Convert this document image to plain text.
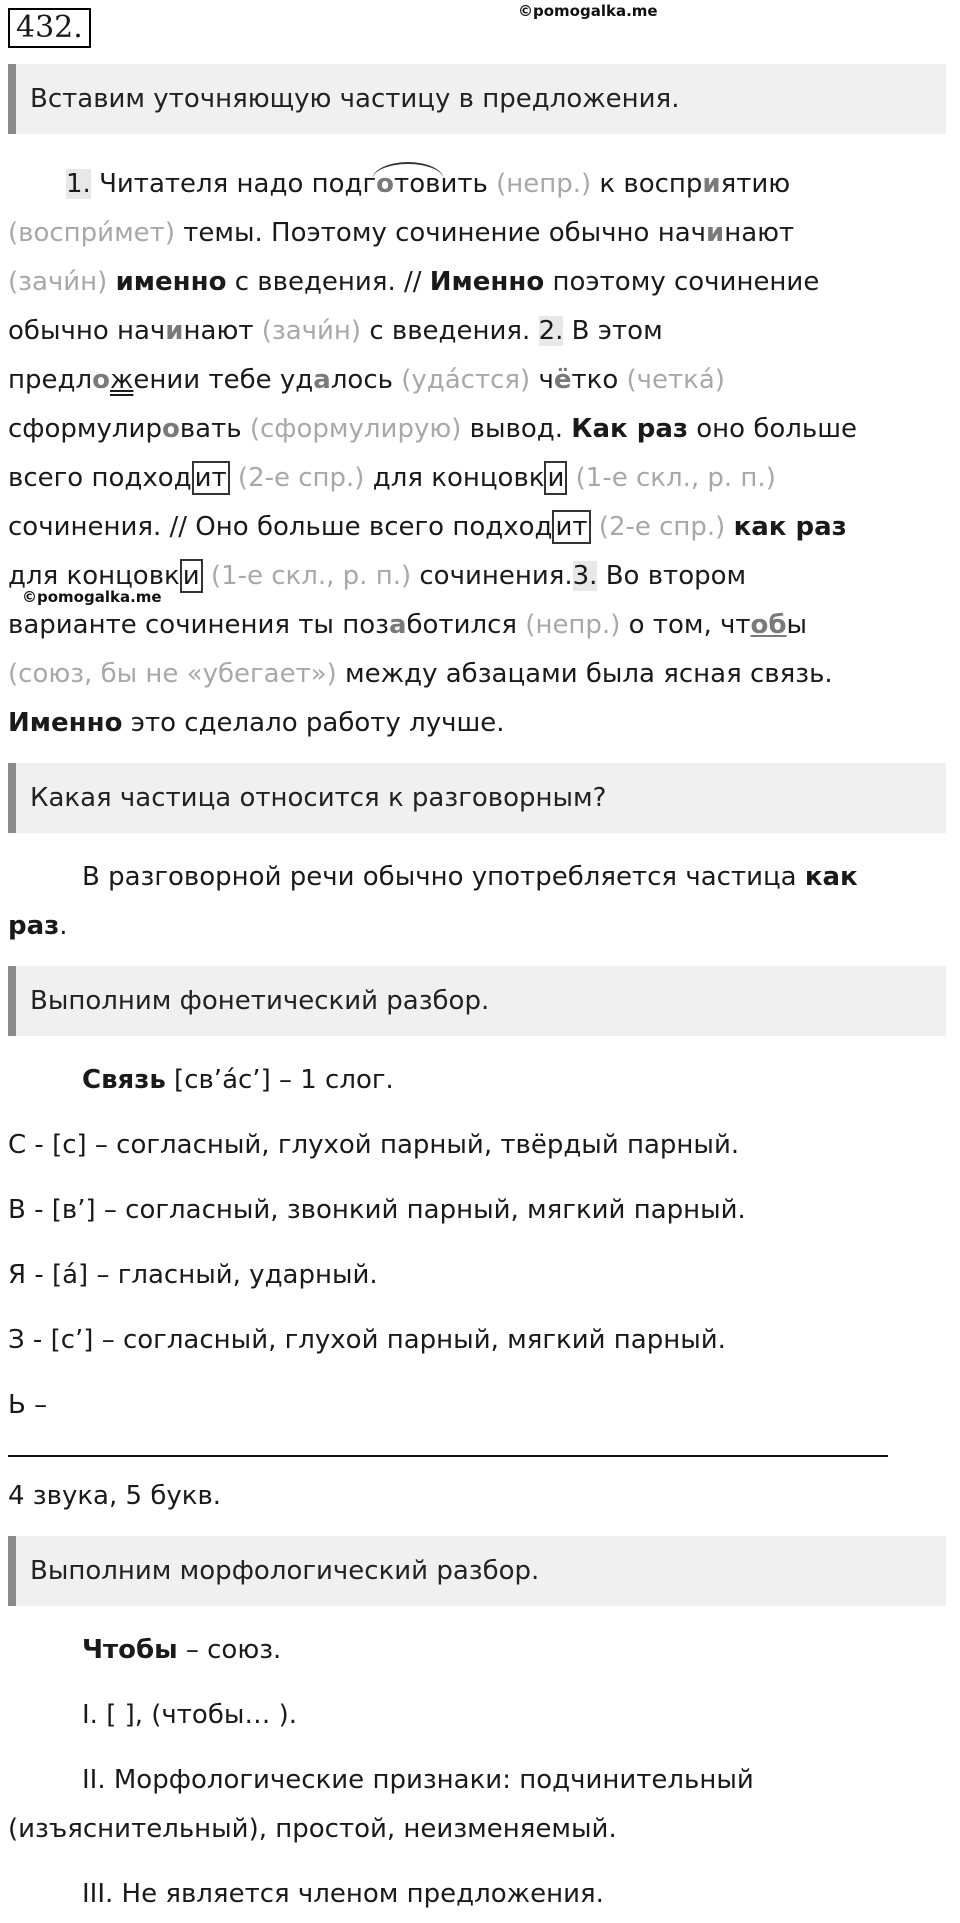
432.	©pomogalka.me
Вставим уточняющую частицу в предложения.
1. Читателя надо подготовить (непр.) к восприятию
(воспри́мет) темы. Поэтому сочинение обычно начинают
(зачи́н) именно с введения. // Именно поэтому сочинение
обычно начинают (зачи́н) с введения. 2. В этом
предложении тебе удалось (уда́стся) чётко (четка́)
сформулировать (сформулирую) вывод. Как раз оно больше
всего подход ит (2-е спр.) для концовк и (1-е скл., р. п.)
сочинения. // Оно больше всего подход ит (2-е спр.) как раз
для концовк и (1-е скл., р. п.) сочинения.3. Во втором
©pomogalka.me
варианте сочинения ты позаботился (непр.) о том, чтобы
(союз, бы не «убегает») между абзацами была ясная связь.
Именно это сделало работу лучше.
Какая частица относится к разговорным?
В разговорной речи обычно употребляется частица как
раз.
Выполним фонетический разбор.
Связь [св’а́с’] – 1 слог.
С - [с] – согласный, глухой парный, твёрдый парный.
В - [в’] – согласный, звонкий парный, мягкий парный.
Я - [а́] – гласный, ударный.
З - [с’] – согласный, глухой парный, мягкий парный.
Ь –
4 звука, 5 букв.
Выполним морфологический разбор.
Чтобы – союз.
I. [ ], (чтобы… ).
II. Морфологические признаки: подчинительный
(изъяснительный), простой, неизменяемый.
III. Не является членом предложения.
